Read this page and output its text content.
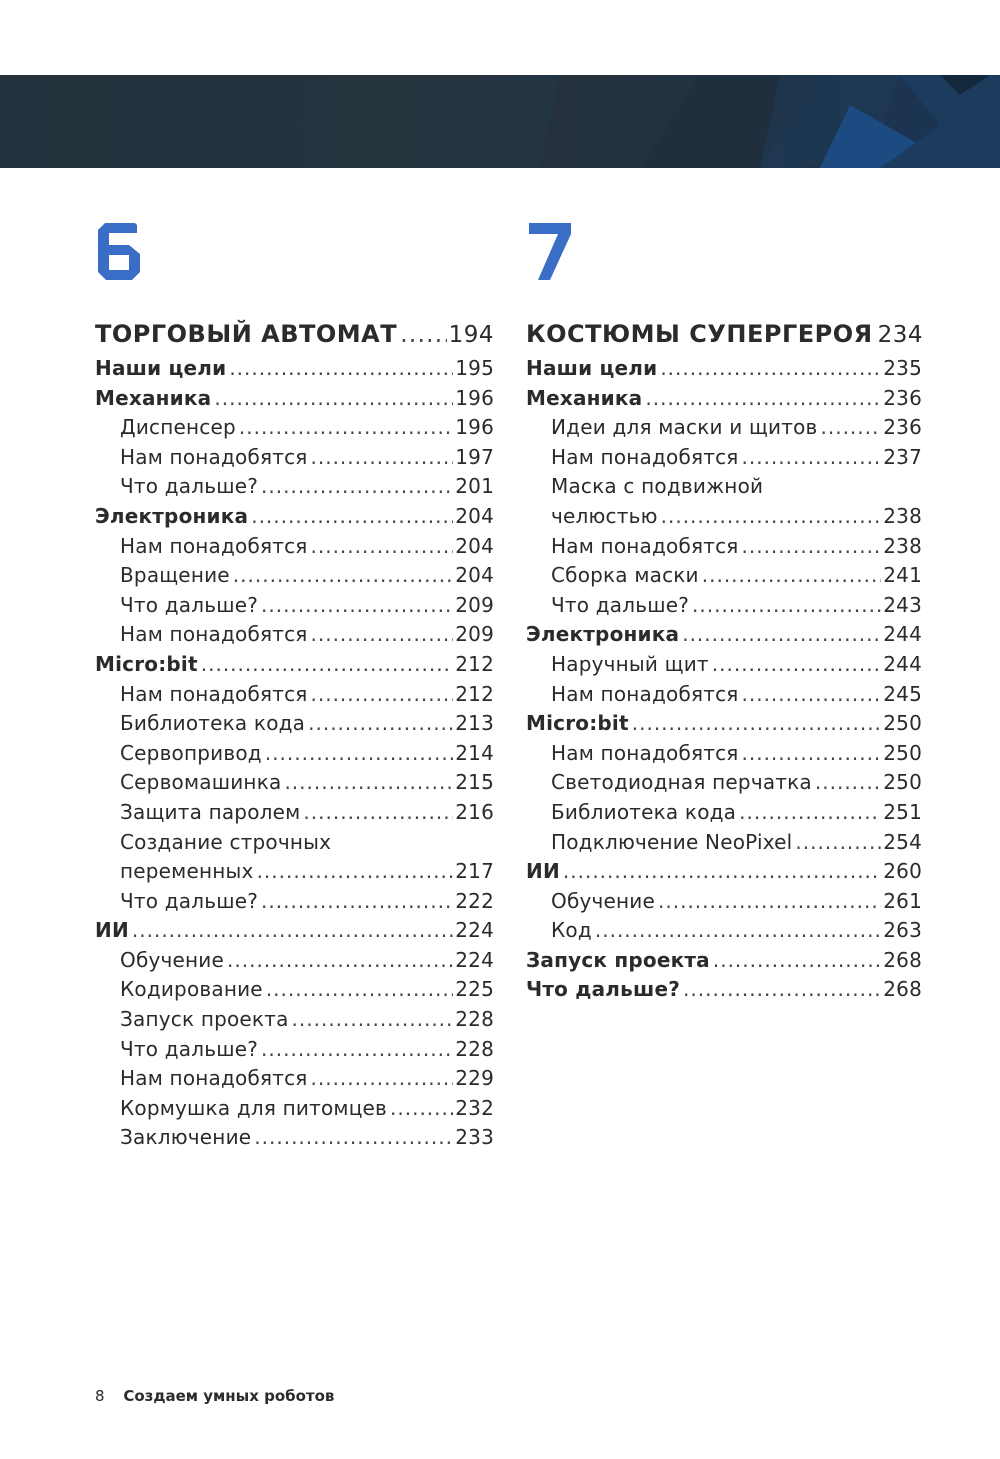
ТОРГОВЫЙ АВТОМАТ ..... 194
Наши цели .....	195
Механика .....	196
Диспенсер .....	196
Нам понадобятся .....	197
Что дальше? .....	201
Электроника .....	204
Нам понадобятся .....	204
Вращение .....	204
Что дальше? .....	209
Нам понадобятся .....	209
Micro:bit .....	212
Нам понадобятся .....	212
Библиотека кода .....	213
Сервопривод .....	214
Сервомашинка .....	215
Защита паролем .....	216
Создание строчных
переменных .....	217
Что дальше? .....	222
ИИ .....	224
Обучение .....	224
Кодирование .....	225
Запуск проекта .....	228
Что дальше? .....	228
Нам понадобятся .....	229
Кормушка для питомцев .....	232
Заключение .....	233
КОСТЮМЫ СУПЕРГЕРОЯ 234
Наши цели .....	235
Механика .....	236
Идеи для маски и щитов .....	236
Нам понадобятся .....	237
Маска с подвижной
челюстью .....	238
Нам понадобятся .....	238
Сборка маски .....	241
Что дальше? .....	243
Электроника .....	244
Наручный щит .....	244
Нам понадобятся .....	245
Micro:bit .....	250
Нам понадобятся .....	250
Светодиодная перчатка .....	250
Библиотека кода .....	251
Подключение NeoPixel .....	254
ИИ .....	260
Обучение .....	261
Код .....	263
Запуск проекта .....	268
Что дальше? .....	268
8 Создаем умных роботов
